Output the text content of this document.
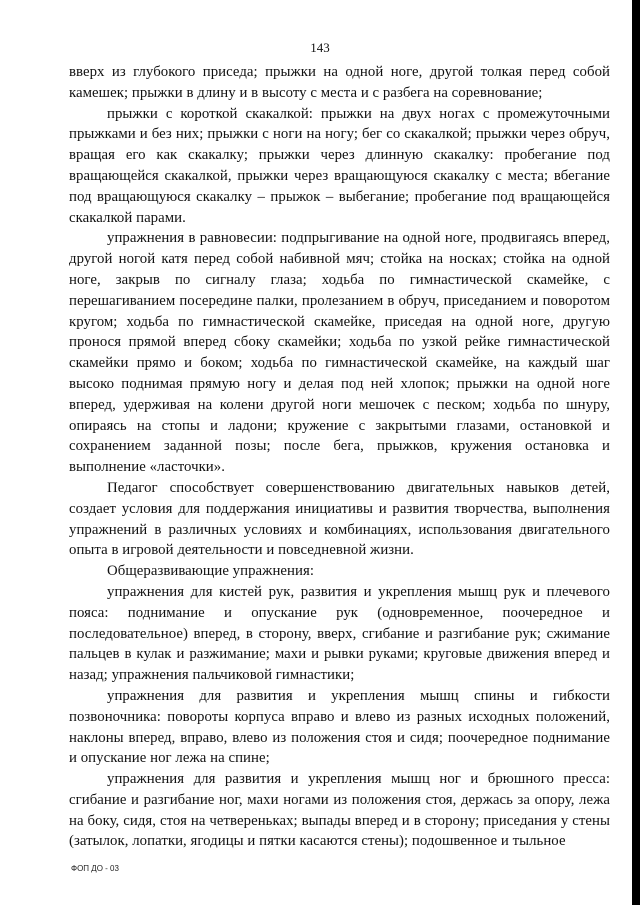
143

вверх из глубокого приседа; прыжки на одной ноге, другой толкая перед собой камешек; прыжки в длину и в высоту с места и с разбега на соревнование;

прыжки с короткой скакалкой: прыжки на двух ногах с промежуточными прыжками и без них; прыжки с ноги на ногу; бег со скакалкой; прыжки через обруч, вращая его как скакалку; прыжки через длинную скакалку: пробегание под вращающейся скакалкой, прыжки через вращающуюся скакалку с места; вбегание под вращающуюся скакалку – прыжок – выбегание; пробегание под вращающейся скакалкой парами.

упражнения в равновесии: подпрыгивание на одной ноге, продвигаясь вперед, другой ногой катя перед собой набивной мяч; стойка на носках; стойка на одной ноге, закрыв по сигналу глаза; ходьба по гимнастической скамейке, с перешагиванием посередине палки, пролезанием в обруч, приседанием и поворотом кругом; ходьба по гимнастической скамейке, приседая на одной ноге, другую пронося прямой вперед сбоку скамейки; ходьба по узкой рейке гимнастической скамейки прямо и боком; ходьба по гимнастической скамейке, на каждый шаг высоко поднимая прямую ногу и делая под ней хлопок; прыжки на одной ноге вперед, удерживая на колени другой ноги мешочек с песком; ходьба по шнуру, опираясь на стопы и ладони; кружение с закрытыми глазами, остановкой и сохранением заданной позы; после бега, прыжков, кружения остановка и выполнение «ласточки».

Педагог способствует совершенствованию двигательных навыков детей, создает условия для поддержания инициативы и развития творчества, выполнения упражнений в различных условиях и комбинациях, использования двигательного опыта в игровой деятельности и повседневной жизни.

Общеразвивающие упражнения:

упражнения для кистей рук, развития и укрепления мышц рук и плечевого пояса: поднимание и опускание рук (одновременное, поочередное и последовательное) вперед, в сторону, вверх, сгибание и разгибание рук; сжимание пальцев в кулак и разжимание; махи и рывки руками; круговые движения вперед и назад; упражнения пальчиковой гимнастики;

упражнения для развития и укрепления мышц спины и гибкости позвоночника: повороты корпуса вправо и влево из разных исходных положений, наклоны вперед, вправо, влево из положения стоя и сидя; поочередное поднимание и опускание ног лежа на спине;

упражнения для развития и укрепления мышц ног и брюшного пресса: сгибание и разгибание ног, махи ногами из положения стоя, держась за опору, лежа на боку, сидя, стоя на четвереньках; выпады вперед и в сторону; приседания у стены (затылок, лопатки, ягодицы и пятки касаются стены); подошвенное и тыльное

ФОП ДО - 03
